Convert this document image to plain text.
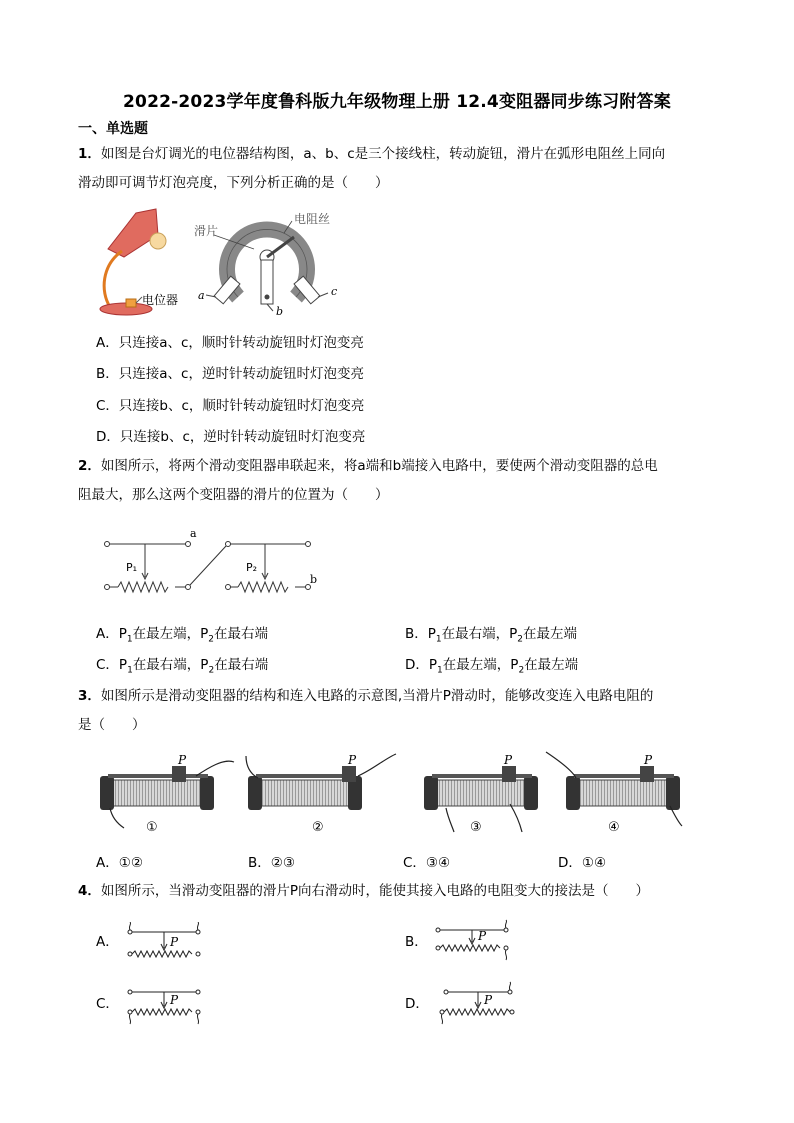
2022-2023学年度鲁科版九年级物理上册 12.4变阻器同步练习附答案
一、单选题
1．如图是台灯调光的电位器结构图，a、b、c是三个接线柱，转动旋钮，滑片在弧形电阻丝上同向
滑动即可调节灯泡亮度，下列分析正确的是（　　）
电位器
滑片
电阻丝
a
b
c
A．只连接a、c，顺时针转动旋钮时灯泡变亮
B．只连接a、c，逆时针转动旋钮时灯泡变亮
C．只连接b、c，顺时针转动旋钮时灯泡变亮
D．只连接b、c，逆时针转动旋钮时灯泡变亮
2．如图所示，将两个滑动变阻器串联起来，将a端和b端接入电路中，要使两个滑动变阻器的总电
阻最大，那么这两个变阻器的滑片的位置为（　　）
a
b
P₁	P₂
A．$P_1$在最左端，$P_2$在最右端	B．$P_1$在最右端，$P_2$在最左端
C．$P_1$在最右端，$P_2$在最右端	D．$P_1$在最左端，$P_2$在最左端
3．如图所示是滑动变阻器的结构和连入电路的示意图,当滑片P滑动时，能够改变连入电路电阻的
是（　　）
P
①
P
②
P
③
P
④
A．①②	B．②③	C．③④	D．①④
4．如图所示，当滑动变阻器的滑片P向右滑动时，能使其接入电路的电阻变大的接法是（　　）
A．	P	B．	P
C．	P	D．	P
